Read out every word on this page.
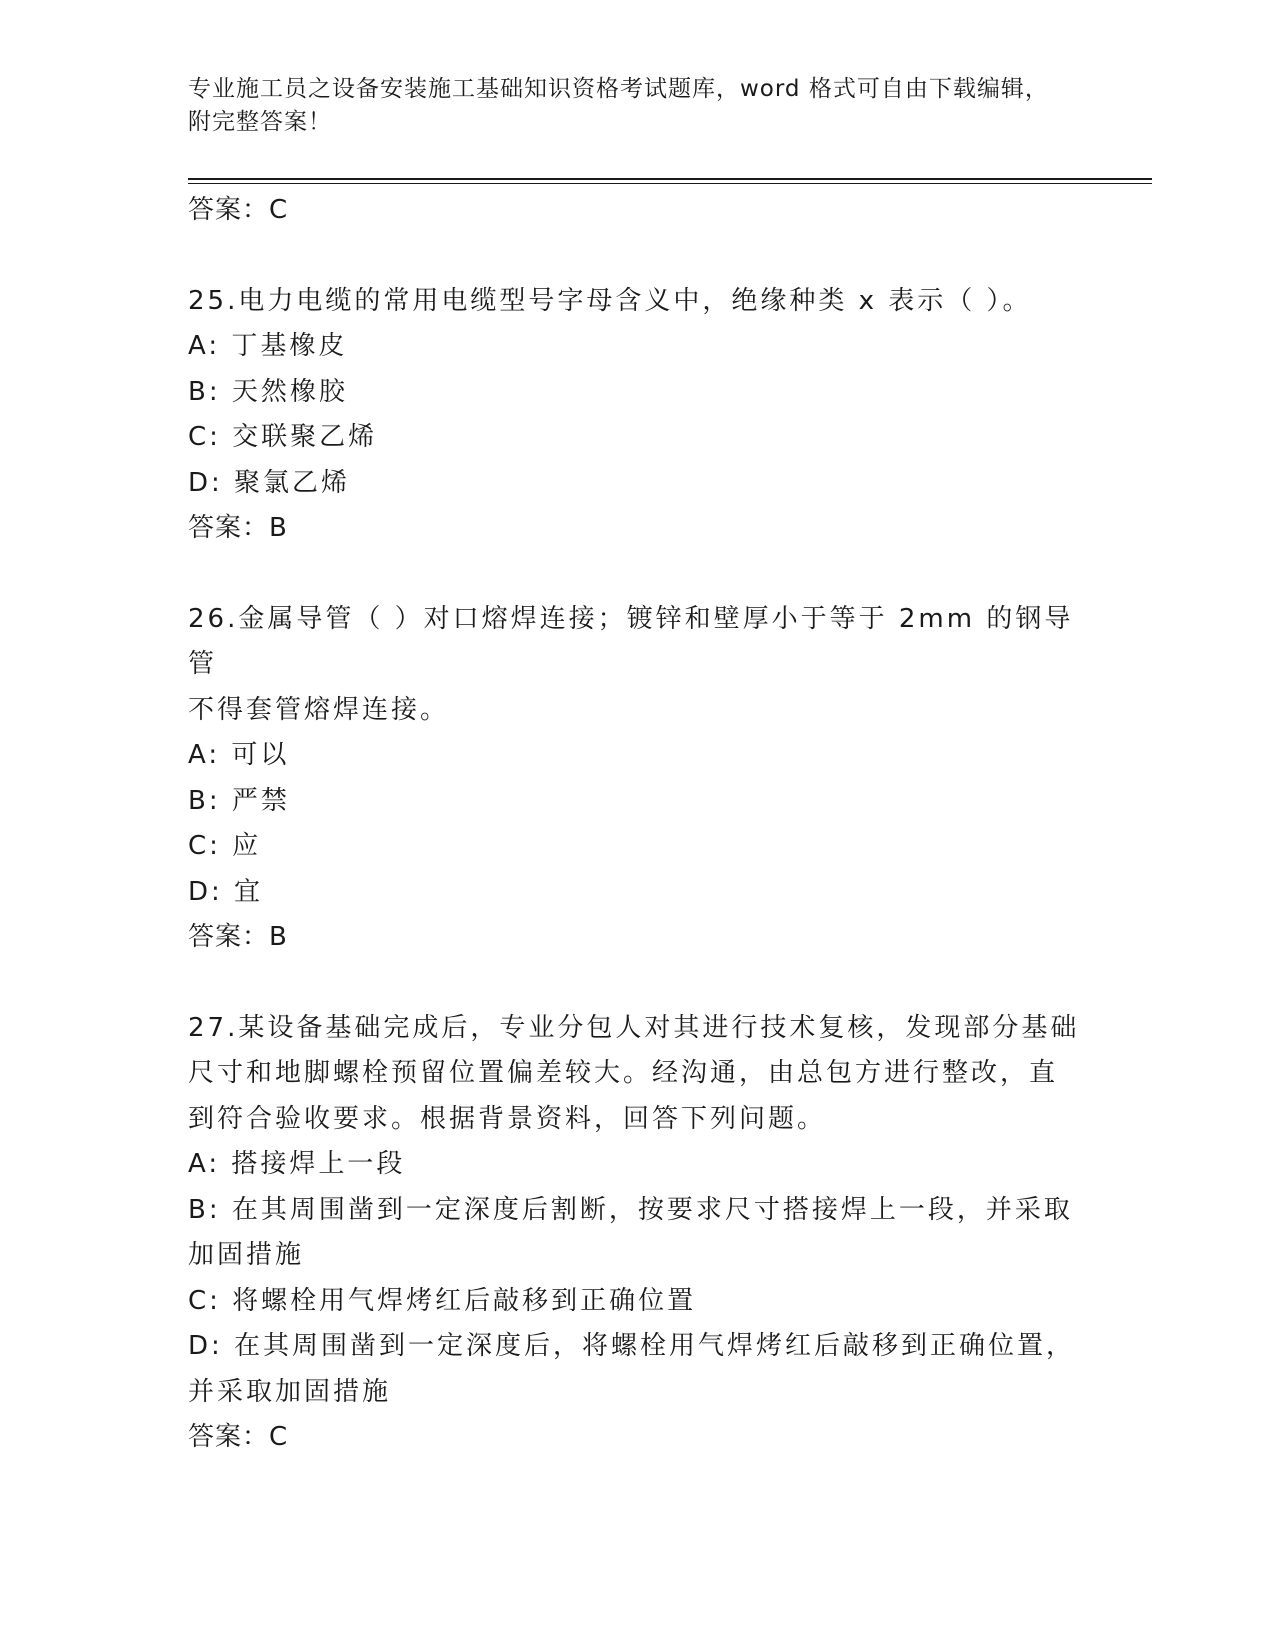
专业施工员之设备安装施工基础知识资格考试题库，word 格式可自由下载编辑，

附完整答案！

答案：C

25.电力电缆的常用电缆型号字母含义中，绝缘种类 x 表示（ ）。

A: 丁基橡皮

B: 天然橡胶

C: 交联聚乙烯

D: 聚氯乙烯

答案：B

26.金属导管（ ）对口熔焊连接；镀锌和壁厚小于等于 2mm 的钢导管

不得套管熔焊连接。

A: 可以

B: 严禁

C: 应

D: 宜

答案：B

27.某设备基础完成后，专业分包人对其进行技术复核，发现部分基础

尺寸和地脚螺栓预留位置偏差较大。经沟通，由总包方进行整改，直

到符合验收要求。根据背景资料，回答下列问题。

A: 搭接焊上一段

B: 在其周围凿到一定深度后割断，按要求尺寸搭接焊上一段，并采取

加固措施

C: 将螺栓用气焊烤红后敲移到正确位置

D: 在其周围凿到一定深度后，将螺栓用气焊烤红后敲移到正确位置，

并采取加固措施

答案：C
